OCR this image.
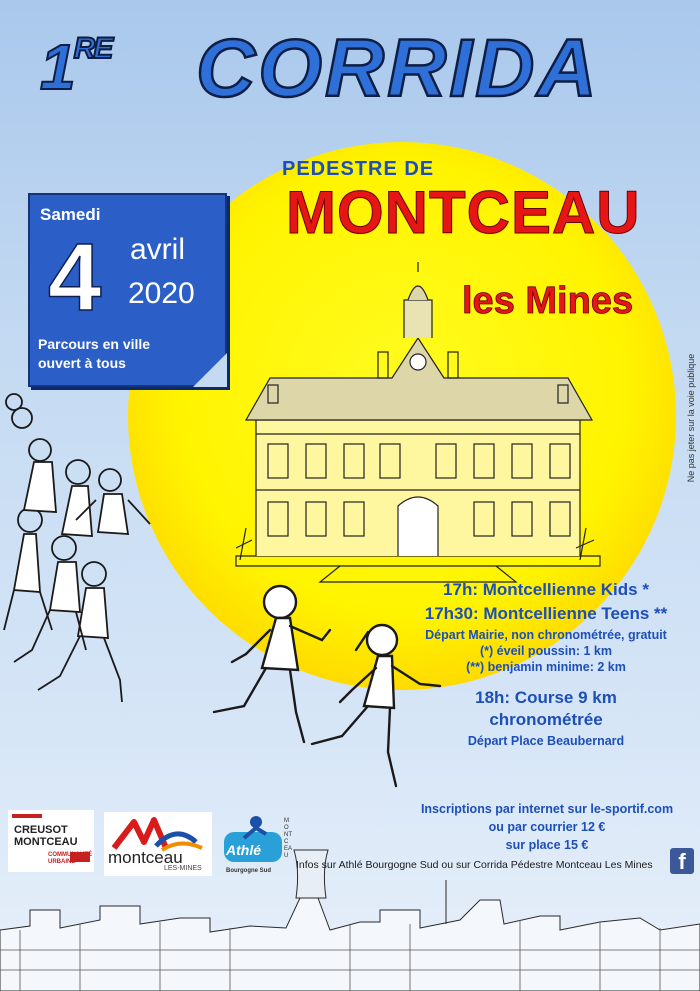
1RE CORRIDA
PEDESTRE DE
MONTCEAU
les Mines
Samedi
4 avril
2020
Parcours en ville ouvert à tous	Ne pas jeter sur la voie publique
17h: Montcellienne Kids *
17h30: Montcellienne Teens **
Départ Mairie, non chronométrée, gratuit
(*) éveil poussin: 1 km
(**) benjamin minime: 2 km
18h: Course 9 km
chronométrée
Départ Place Beaubernard
Inscriptions par internet sur le-sportif.com
ou par courrier 12 €
sur place 15 €
Infos sur Athlé Bourgogne Sud ou sur Corrida Pédestre Montceau Les Mines	f
CREUSOT
MONTCEAU
COMMUNAUTÉ URBAINE	montceau
LES-MINES
Athlé
Bourgogne Sud
MONTCEAU
